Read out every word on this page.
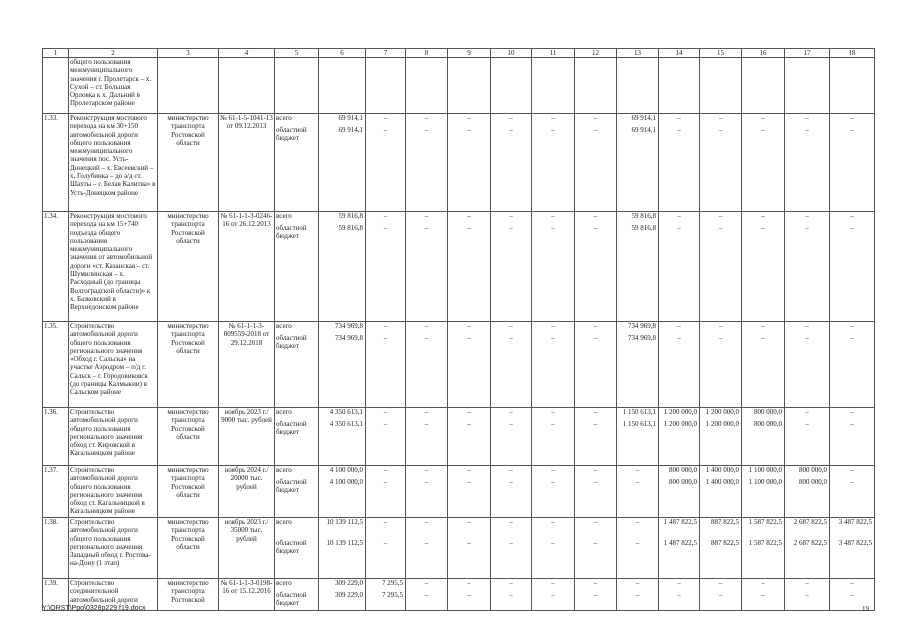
1	2	3	4	5	6	7	8	9	10	11	12	13	14	15	16	17	18
	общего пользования межмуниципального значения г. Пролетарск – х. Сухой – ст. Большая Орловка к х. Дальний в Пролетарском районе																
1.33.	Реконструкция мостового перехода на км 30+150 автомобильной дороги общего пользования межмуниципального значения пос. Усть-Донецкий – х. Евсеевский – х. Голубинка – до а/д ст. Шахты – г. Белая Калитва» в Усть-Донецком районе	министерство транспорта Ростовской области	№ 61-1-5-1041-13 от 09.12.2013	всего	69 914,1	–	–	–	–	–	–	69 914,1	–	–	–	–	–
				областной бюджет	69 914,1	–	–	–	–	–	–	69 914,1	–	–	–	–	–
1.34.	Реконструкция мостового перехода на км 15+740 подъезда общего пользования межмуниципального значения от автомобильной дороги «ст. Казанская – ст. Шумилинская – х. Расходный (до границы Волгоградской области)» к х. Базковский в Верхнедонском районе	министерство транспорта Ростовской области	№ 61-1-1-3-0246-16 от 26.12.2013	всего	59 816,8	–	–	–	–	–	–	59 816,8	–	–	–	–	–
				областной бюджет	59 816,8	–	–	–	–	–	–	59 816,8	–	–	–	–	–
1.35.	Строительство автомобильной дороги общего пользования регионального значения «Обход г. Сальска» на участке Аэродром – п/д г. Сальск – г. Городовиковск (до границы Калмыкии) в Сальском районе	министерство транспорта Ростовской области	№ 61-1-1-3-009559-2018 от 29.12.2018	всего	734 969,8	–	–	–	–	–	–	734 969,8	–	–	–	–	–
				областной бюджет	734 969,8	–	–	–	–	–	–	734 969,8	–	–	–	–	–
1.36.	Строительство автомобильной дороги общего пользования регионального значения обход ст. Кировской в Кагальницком районе	министерство транспорта Ростовской области	ноябрь 2023 г./ 9000 тыс. рублей	всего	4 350 613,1	–	–	–	–	–	–	1 150 613,1	1 200 000,0	1 200 000,0	800 000,0	–	–
				областной бюджет	4 350 613,1	–	–	–	–	–	–	1 150 613,1	1 200 000,0	1 200 000,0	800 000,0	–	–
1.37.	Строительство автомобильной дороги общего пользования регионального значения обход ст. Кагальницкой в Кагальницком районе	министерство транспорта Ростовской области	ноябрь 2024 г./ 20000 тыс. рублей	всего	4 100 000,0	–	–	–	–	–	–	–	800 000,0	1 400 000,0	1 100 000,0	800 000,0	–
				областной бюджет	4 100 000,0	–	–	–	–	–	–	–	800 000,0	1 400 000,0	1 100 000,0	800 000,0	–
1.38.	Строительство автомобильной дороги общего пользования регионального значения Западный обход г. Ростова-на-Дону (1 этап)	министерство транспорта Ростовской области	ноябрь 2023 г./ 35000 тыс. рублей	всего	10 139 112,5	–	–	–	–	–	–	–	1 487 822,5	887 822,5	1 587 822,5	2 687 822,5	3 487 822,5
				областной бюджет	10 139 112,5	–	–	–	–	–	–	–	1 487 822,5	887 822,5	1 587 822,5	2 687 822,5	3 487 822,5
1.39.	Строительство соединительной автомобильной дороги	министерство транспорта Ростовской	№ 61-1-1-3-0198-16 от 15.12.2016	всего	309 229,0	7 295,5	–	–	–	–	–	–	–	–	–	–	–
				областной бюджет	309 229,0	7 295,5	–	–	–	–	–	–	–	–	–	–	–
Y:\ORST\Ppo\0328p229.f19.docx	19
